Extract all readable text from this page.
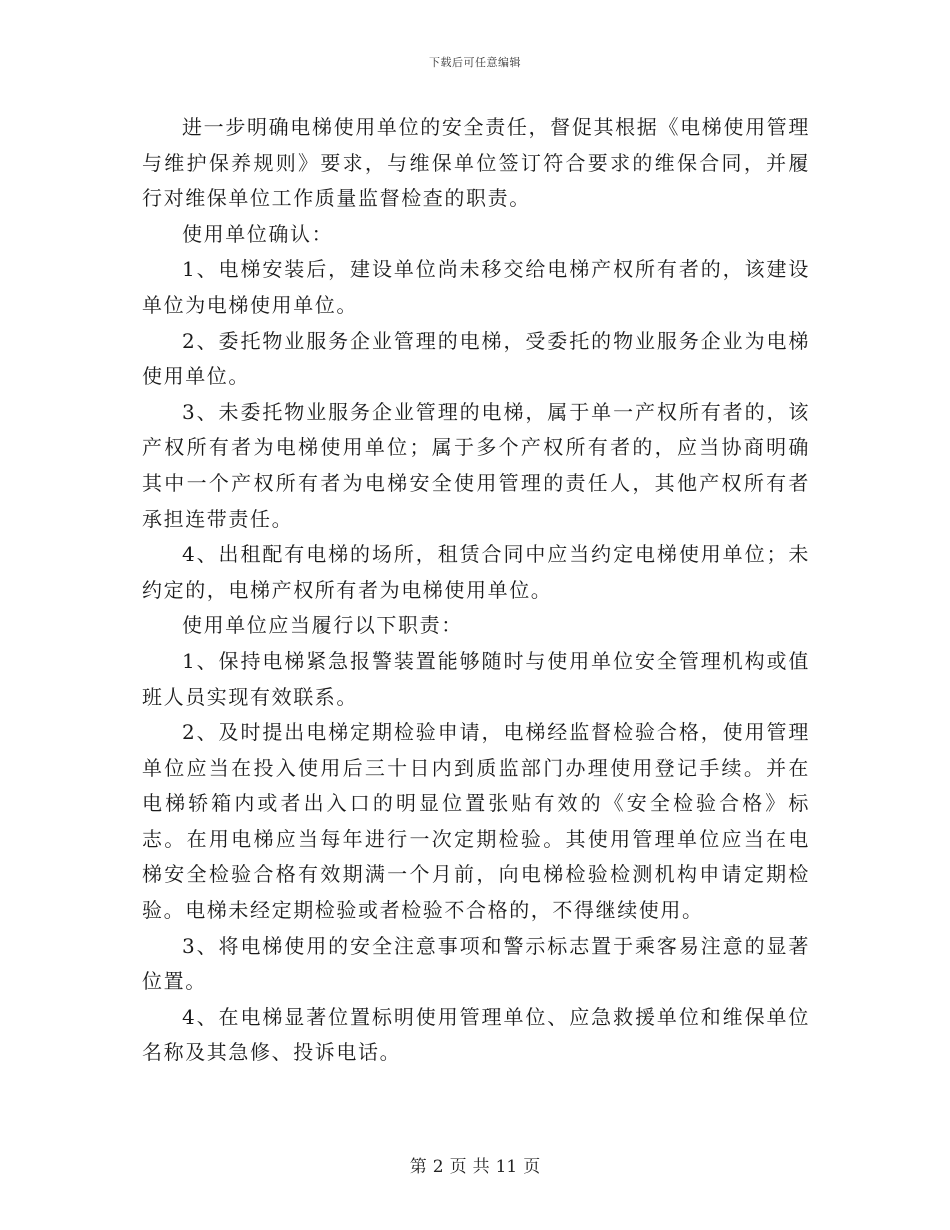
下载后可任意编辑

进一步明确电梯使用单位的安全责任，督促其根据《电梯使用管理与维护保养规则》要求，与维保单位签订符合要求的维保合同，并履行对维保单位工作质量监督检查的职责。

使用单位确认：

1、电梯安装后，建设单位尚未移交给电梯产权所有者的，该建设单位为电梯使用单位。

2、委托物业服务企业管理的电梯，受委托的物业服务企业为电梯使用单位。

3、未委托物业服务企业管理的电梯，属于单一产权所有者的，该产权所有者为电梯使用单位；属于多个产权所有者的，应当协商明确其中一个产权所有者为电梯安全使用管理的责任人，其他产权所有者承担连带责任。

4、出租配有电梯的场所，租赁合同中应当约定电梯使用单位；未约定的，电梯产权所有者为电梯使用单位。

使用单位应当履行以下职责：

1、保持电梯紧急报警装置能够随时与使用单位安全管理机构或值班人员实现有效联系。

2、及时提出电梯定期检验申请，电梯经监督检验合格，使用管理单位应当在投入使用后三十日内到质监部门办理使用登记手续。并在电梯轿箱内或者出入口的明显位置张贴有效的《安全检验合格》标志。在用电梯应当每年进行一次定期检验。其使用管理单位应当在电梯安全检验合格有效期满一个月前，向电梯检验检测机构申请定期检验。电梯未经定期检验或者检验不合格的，不得继续使用。

3、将电梯使用的安全注意事项和警示标志置于乘客易注意的显著位置。

4、在电梯显著位置标明使用管理单位、应急救援单位和维保单位名称及其急修、投诉电话。

第 2 页 共 11 页
